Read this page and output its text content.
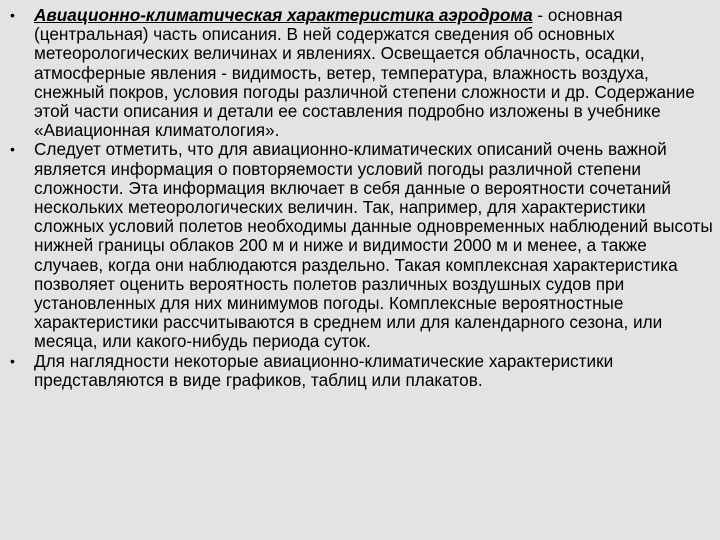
•	Авиационно-климатическая характеристика аэродрома - основная (центральная) часть описания. В ней содержатся сведения об основных метеорологических величинах и явлениях. Освещается облачность, осадки, атмосферные явления - видимость, ветер, температура, влажность воздуха, снежный покров, условия погоды различной степени сложности и др. Содержание этой части описания и детали ее составления подробно изложены в учебнике «Авиационная климатология».
•	Следует отметить, что для авиационно-климатических описаний очень важной является информация о повторяемости условий погоды различной степени сложности. Эта информация включает в себя данные о вероятности сочетаний нескольких метеорологических величин. Так, например, для характеристики сложных условий полетов необходимы данные одновременных наблюдений высоты нижней границы облаков 200 м и ниже и видимости 2000 м и менее, а также случаев, когда они наблюдаются раздельно. Такая комплексная характеристика позволяет оценить вероятность полетов различных воздушных судов при установленных для них минимумов погоды. Комплексные вероятностные характеристики рассчитываются в среднем или для календарного сезона, или месяца, или какого-нибудь периода суток.
•	Для наглядности некоторые авиационно-климатические характеристики представляются в виде графиков, таблиц или плакатов.
